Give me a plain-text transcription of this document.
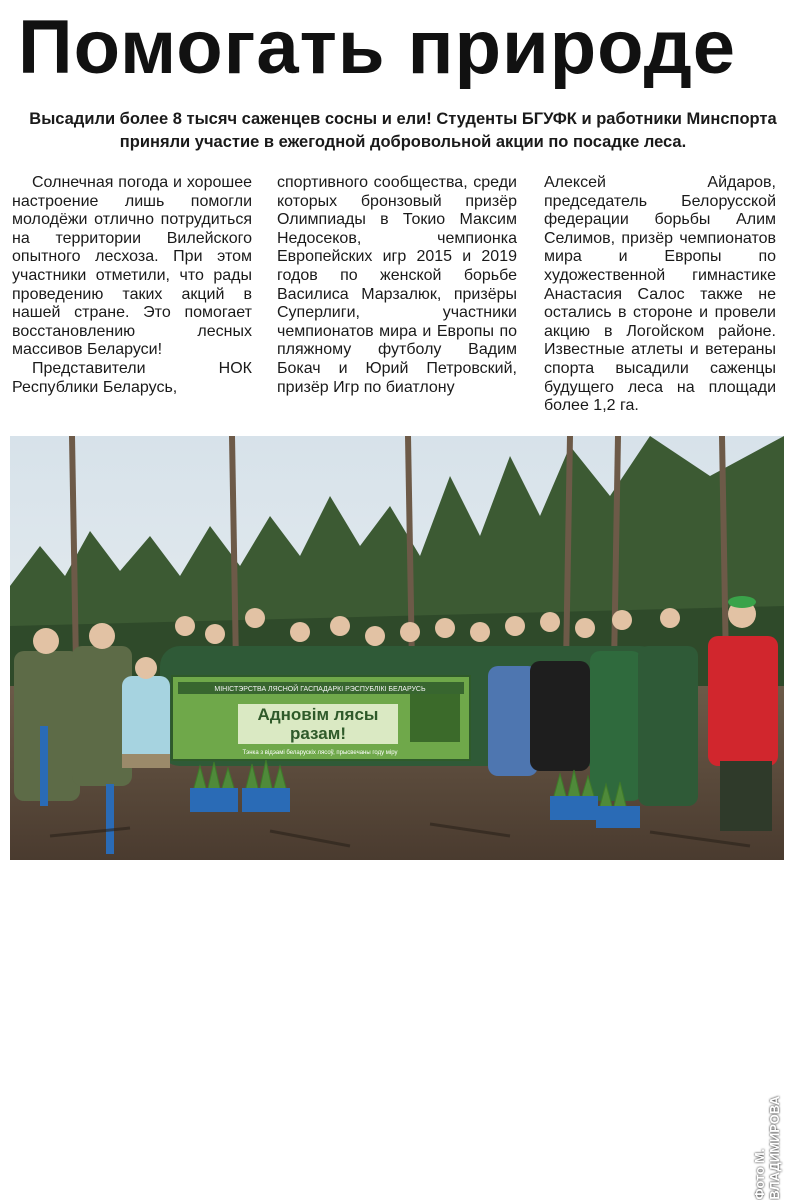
Помогать природе
Высадили более 8 тысяч саженцев сосны и ели! Студенты БГУФК и работники Минспорта приняли участие в ежегодной добровольной акции по посадке леса.

Солнечная погода и хорошее настроение лишь помогли молодёжи отлично потрудиться на территории Вилейского опытного лесхоза. При этом участники отметили, что рады проведению таких акций в нашей стране. Это помогает восстановлению лесных массивов Беларуси!

Представители НОК Республики Беларусь,

спортивного сообщества, среди которых бронзовый призёр Олимпиады в Токио Максим Недосеков, чемпионка Европейских игр 2015 и 2019 годов по женской борьбе Василиса Марзалюк, призёры Суперлиги, участники чемпионатов мира и Европы по пляжному футболу Вадим Бокач и Юрий Петровский, призёр Игр по биатлону

Алексей Айдаров, председатель Белорусской федерации борьбы Алим Селимов, призёр чемпионатов мира и Европы по художественной гимнастике Анастасия Салос также не остались в стороне и провели акцию в Логойском районе. Известные атлеты и ветераны спорта высадили саженцы будущего леса на площади более 1,2 га.

МІНІСТЭРСТВА ЛЯСНОЙ ГАСПАДАРКІ РЭСПУБЛІКІ БЕЛАРУСЬ
Адновім лясы
разам!
Тэнка з відэамі беларускіх лясоў, прысвечаны году міру
Фото М. ВЛАДИМИРОВА
